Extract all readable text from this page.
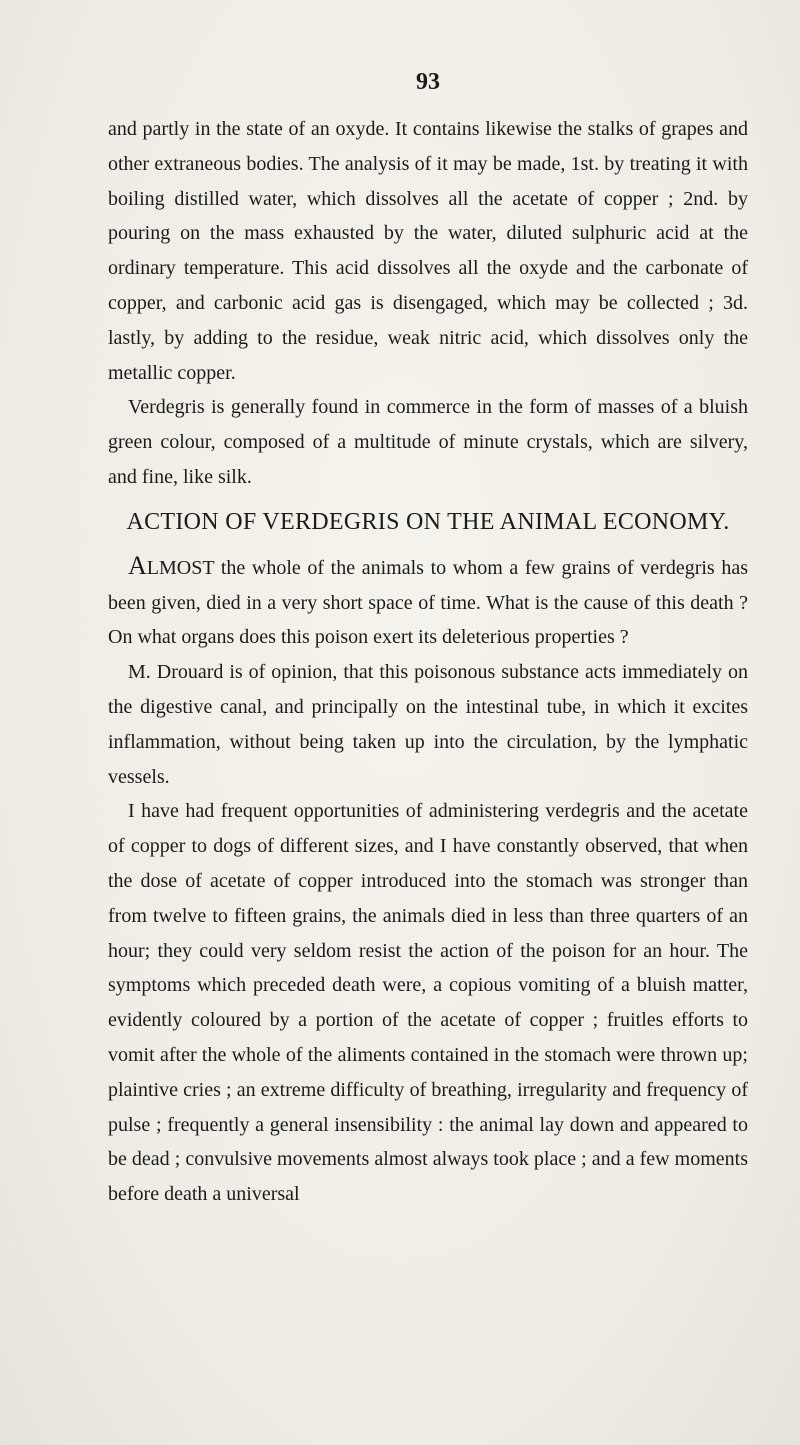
93

and partly in the state of an oxyde. It contains likewise the stalks of grapes and other extraneous bodies. The analysis of it may be made, 1st. by treating it with boiling distilled water, which dissolves all the acetate of copper ; 2nd. by pouring on the mass exhausted by the water, diluted sulphuric acid at the ordinary temperature. This acid dissolves all the oxyde and the carbonate of copper, and carbonic acid gas is disengaged, which may be collected ; 3d. lastly, by adding to the residue, weak nitric acid, which dissolves only the metallic copper.

Verdegris is generally found in commerce in the form of masses of a bluish green colour, composed of a multitude of minute crystals, which are silvery, and fine, like silk.

ACTION OF VERDEGRIS ON THE ANIMAL ECONOMY.

ALMOST the whole of the animals to whom a few grains of verdegris has been given, died in a very short space of time. What is the cause of this death ? On what organs does this poison exert its deleterious properties ?

M. Drouard is of opinion, that this poisonous substance acts immediately on the digestive canal, and principally on the intestinal tube, in which it excites inflammation, without being taken up into the circulation, by the lymphatic vessels.

I have had frequent opportunities of administering verdegris and the acetate of copper to dogs of different sizes, and I have constantly observed, that when the dose of acetate of copper introduced into the stomach was stronger than from twelve to fifteen grains, the animals died in less than three quarters of an hour; they could very seldom resist the action of the poison for an hour. The symptoms which preceded death were, a copious vomiting of a bluish matter, evidently coloured by a portion of the acetate of copper ; fruitles efforts to vomit after the whole of the aliments contained in the stomach were thrown up; plaintive cries ; an extreme difficulty of breathing, irregularity and frequency of pulse ; frequently a general insensibility : the animal lay down and appeared to be dead ; convulsive movements almost always took place ; and a few moments before death a universal
